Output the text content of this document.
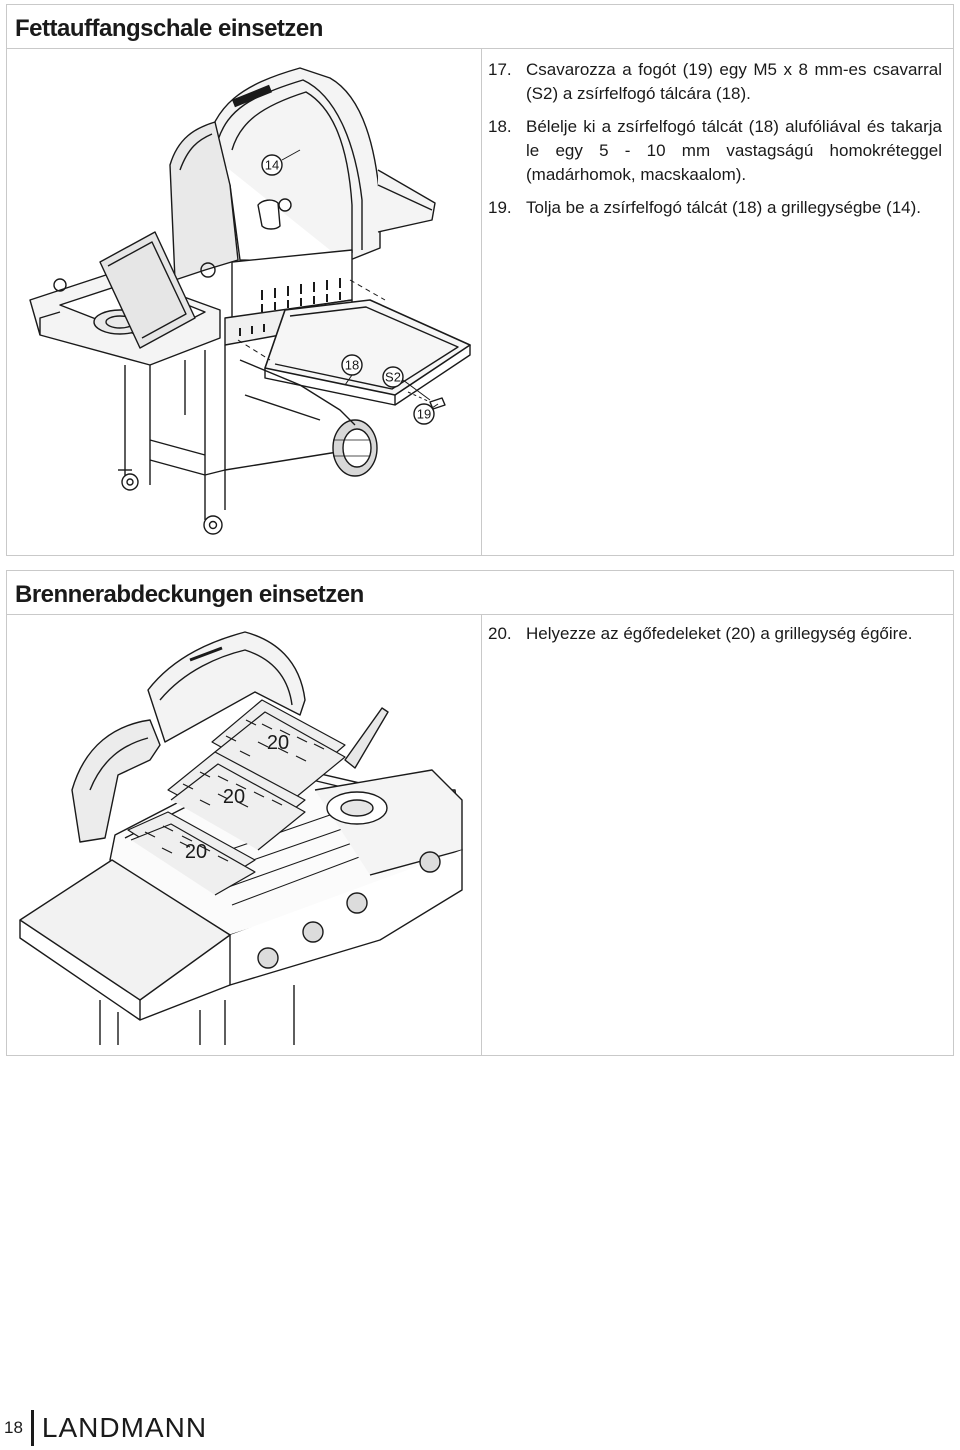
Fettauffangschale einsetzen
17. Csavarozza a fogót (19) egy M5 x 8 mm-es csavarral (S2) a zsírfelfogó tálcára (18).
18. Bélelje ki a zsírfelfogó tálcát (18) alufóliával és takarja le egy 5 - 10 mm vastagságú homokréteggel (madárhomok, macskaalom).
19. Tolja be a zsírfelfogó tálcát (18) a grillegységbe (14).
14
18
S2
19
Brennerabdeckungen einsetzen
20. Helyezze az égőfedeleket (20) a grillegység égőire.
20
20
20
18 LANDMANN
